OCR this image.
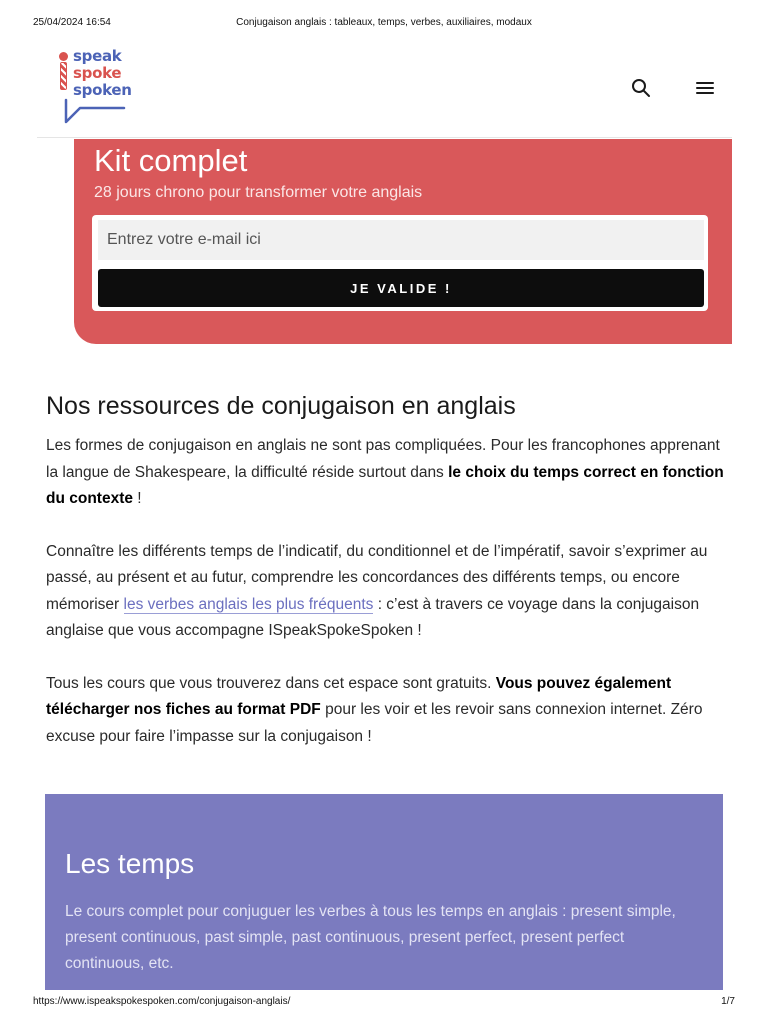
25/04/2024 16:54	Conjugaison anglais : tableaux, temps, verbes, auxiliaires, modaux
speak
spoke
spoken
Kit complet
28 jours chrono pour transformer votre anglais
Entrez votre e-mail ici
JE VALIDE !
Nos ressources de conjugaison en anglais

Les formes de conjugaison en anglais ne sont pas compliquées. Pour les francophones apprenant la langue de Shakespeare, la difficulté réside surtout dans le choix du temps correct en fonction du contexte !

Connaître les différents temps de l’indicatif, du conditionnel et de l’impératif, savoir s’exprimer au passé, au présent et au futur, comprendre les concordances des différents temps, ou encore mémoriser les verbes anglais les plus fréquents : c’est à travers ce voyage dans la conjugaison anglaise que vous accompagne ISpeakSpokeSpoken !

Tous les cours que vous trouverez dans cet espace sont gratuits. Vous pouvez également télécharger nos fiches au format PDF pour les voir et les revoir sans connexion internet. Zéro excuse pour faire l’impasse sur la conjugaison !

Les temps

Le cours complet pour conjuguer les verbes à tous les temps en anglais : present simple, present continuous, past simple, past continuous, present perfect, present perfect continuous, etc.

https://www.ispeakspokespoken.com/conjugaison-anglais/	1/7
